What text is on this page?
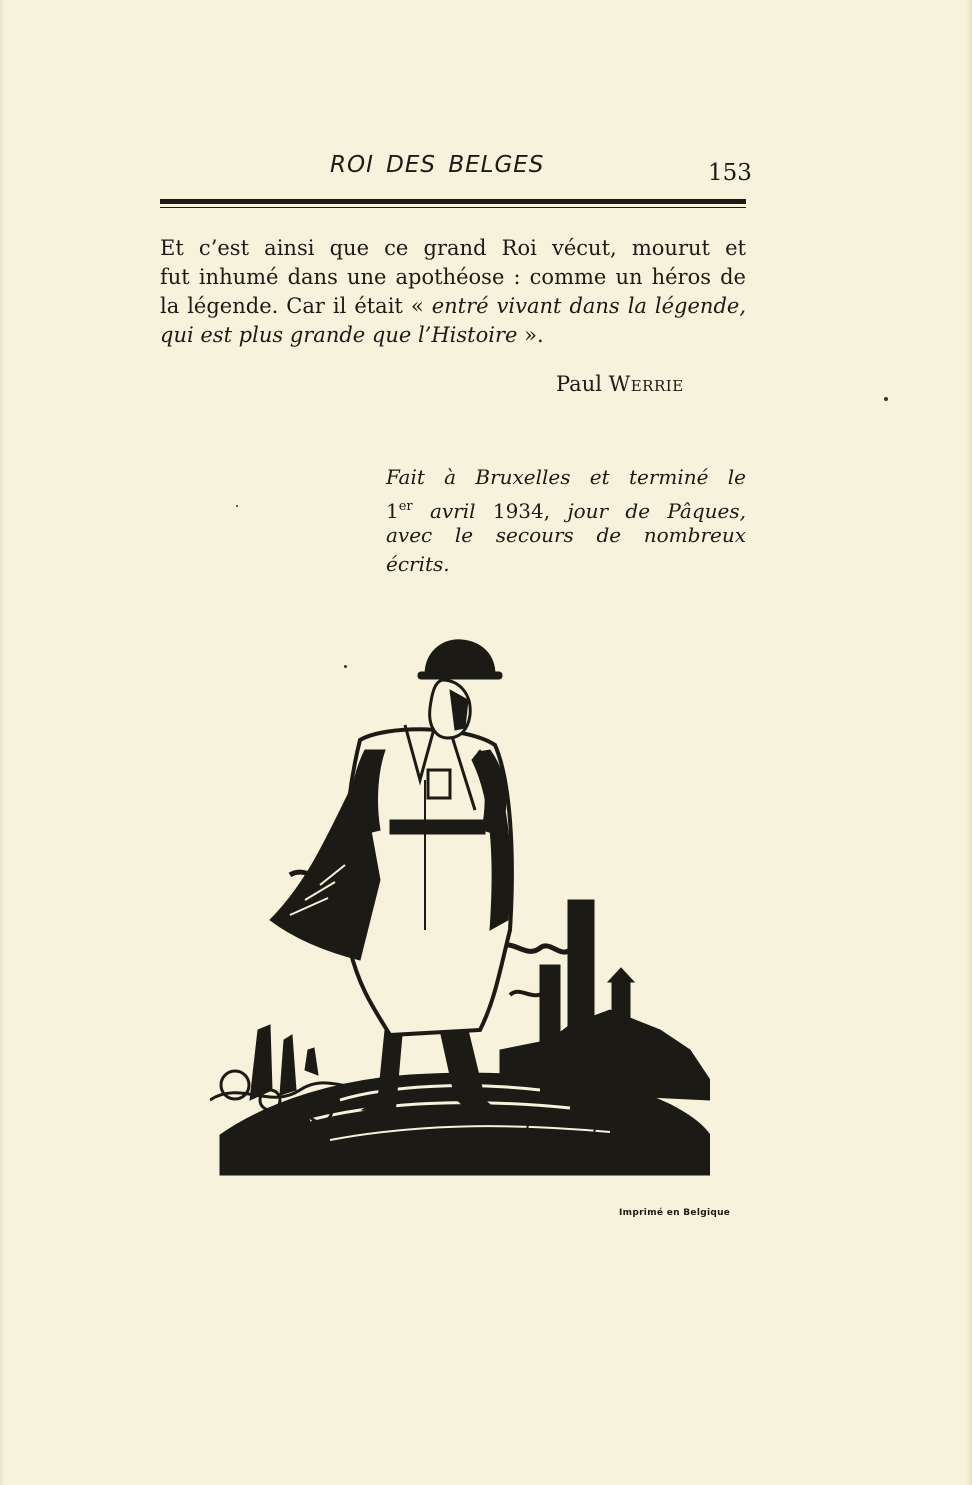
ROI DES BELGES	153
Et c’est ainsi que ce grand Roi vécut, mourut et
fut inhumé dans une apothéose : comme un héros de
la légende. Car il était « entré vivant dans la légende,
qui est plus grande que l’Histoire ».
Paul Werrie
Fait à Bruxelles et terminé le
1er avril 1934, jour de Pâques,
avec le secours de nombreux écrits.
Imprimé en Belgique
